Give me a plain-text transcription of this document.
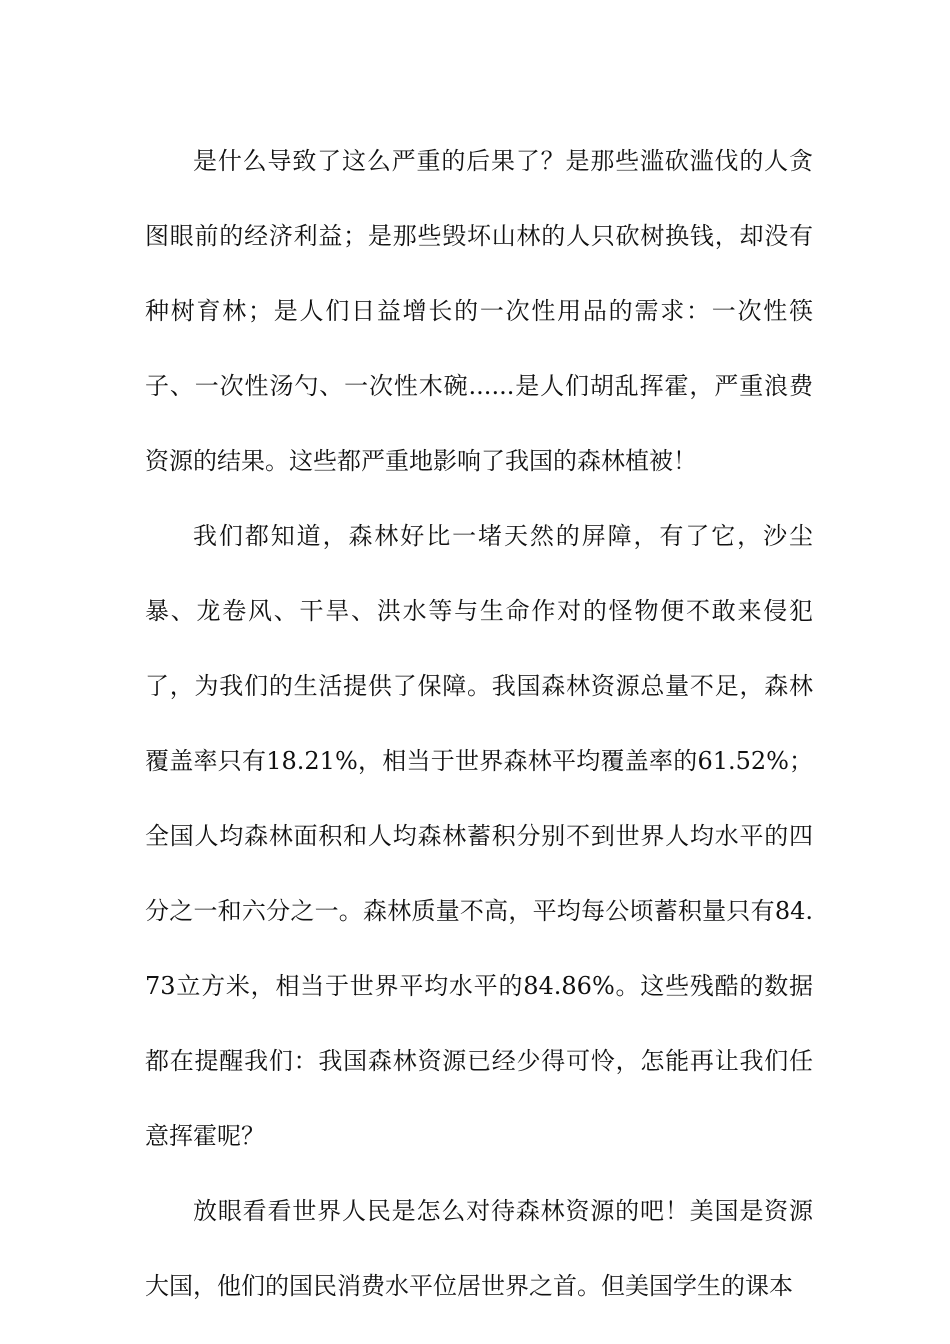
是什么导致了这么严重的后果了？是那些滥砍滥伐的人贪图眼前的经济利益；是那些毁坏山林的人只砍树换钱，却没有种树育林；是人们日益增长的一次性用品的需求：一次性筷子、一次性汤勺、一次性木碗......是人们胡乱挥霍，严重浪费资源的结果。这些都严重地影响了我国的森林植被！

我们都知道，森林好比一堵天然的屏障，有了它，沙尘暴、龙卷风、干旱、洪水等与生命作对的怪物便不敢来侵犯了，为我们的生活提供了保障。我国森林资源总量不足，森林覆盖率只有18.21%，相当于世界森林平均覆盖率的61.52%；全国人均森林面积和人均森林蓄积分别不到世界人均水平的四分之一和六分之一。森林质量不高，平均每公顷蓄积量只有84.73立方米，相当于世界平均水平的84.86%。这些残酷的数据都在提醒我们：我国森林资源已经少得可怜，怎能再让我们任意挥霍呢？

放眼看看世界人民是怎么对待森林资源的吧！美国是资源大国，他们的国民消费水平位居世界之首。但美国学生的课本
